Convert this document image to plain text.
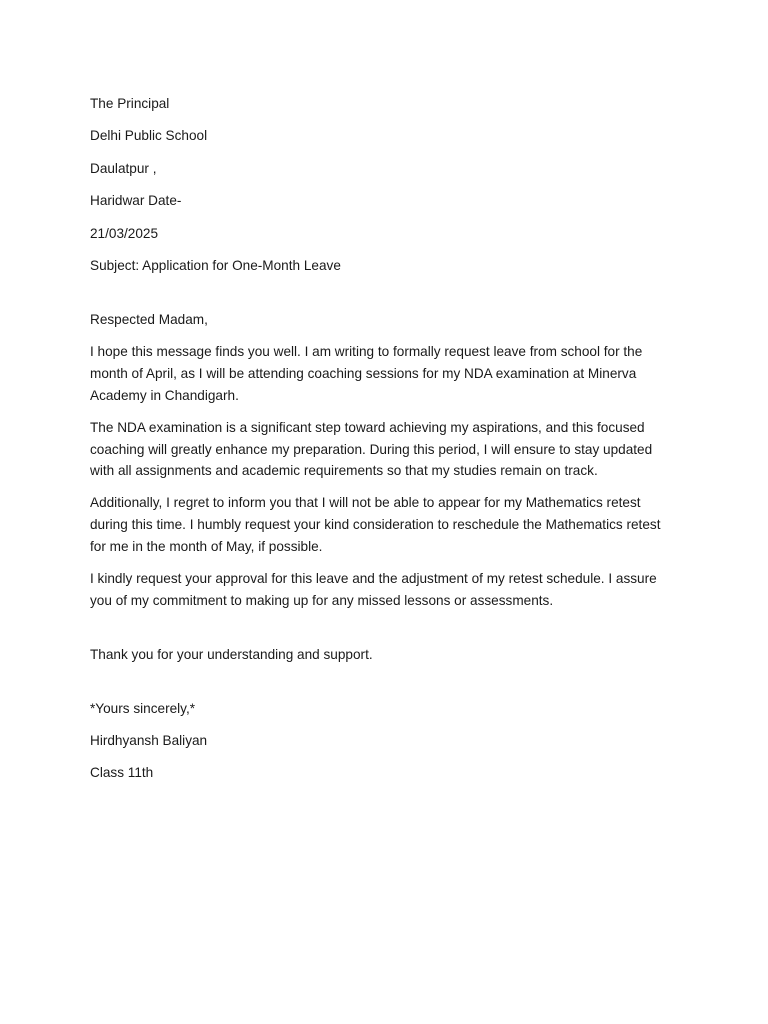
The Principal
Delhi Public School
Daulatpur ,
Haridwar Date-
21/03/2025
Subject: Application for One-Month Leave
Respected Madam,
I hope this message finds you well. I am writing to formally request leave from school for the month of April, as I will be attending coaching sessions for my NDA examination at Minerva Academy in Chandigarh.
The NDA examination is a significant step toward achieving my aspirations, and this focused coaching will greatly enhance my preparation. During this period, I will ensure to stay updated with all assignments and academic requirements so that my studies remain on track.
Additionally, I regret to inform you that I will not be able to appear for my Mathematics retest during this time. I humbly request your kind consideration to reschedule the Mathematics retest for me in the month of May, if possible.
I kindly request your approval for this leave and the adjustment of my retest schedule. I assure you of my commitment to making up for any missed lessons or assessments.
Thank you for your understanding and support.
*Yours sincerely,*
Hirdhyansh Baliyan
Class 11th
